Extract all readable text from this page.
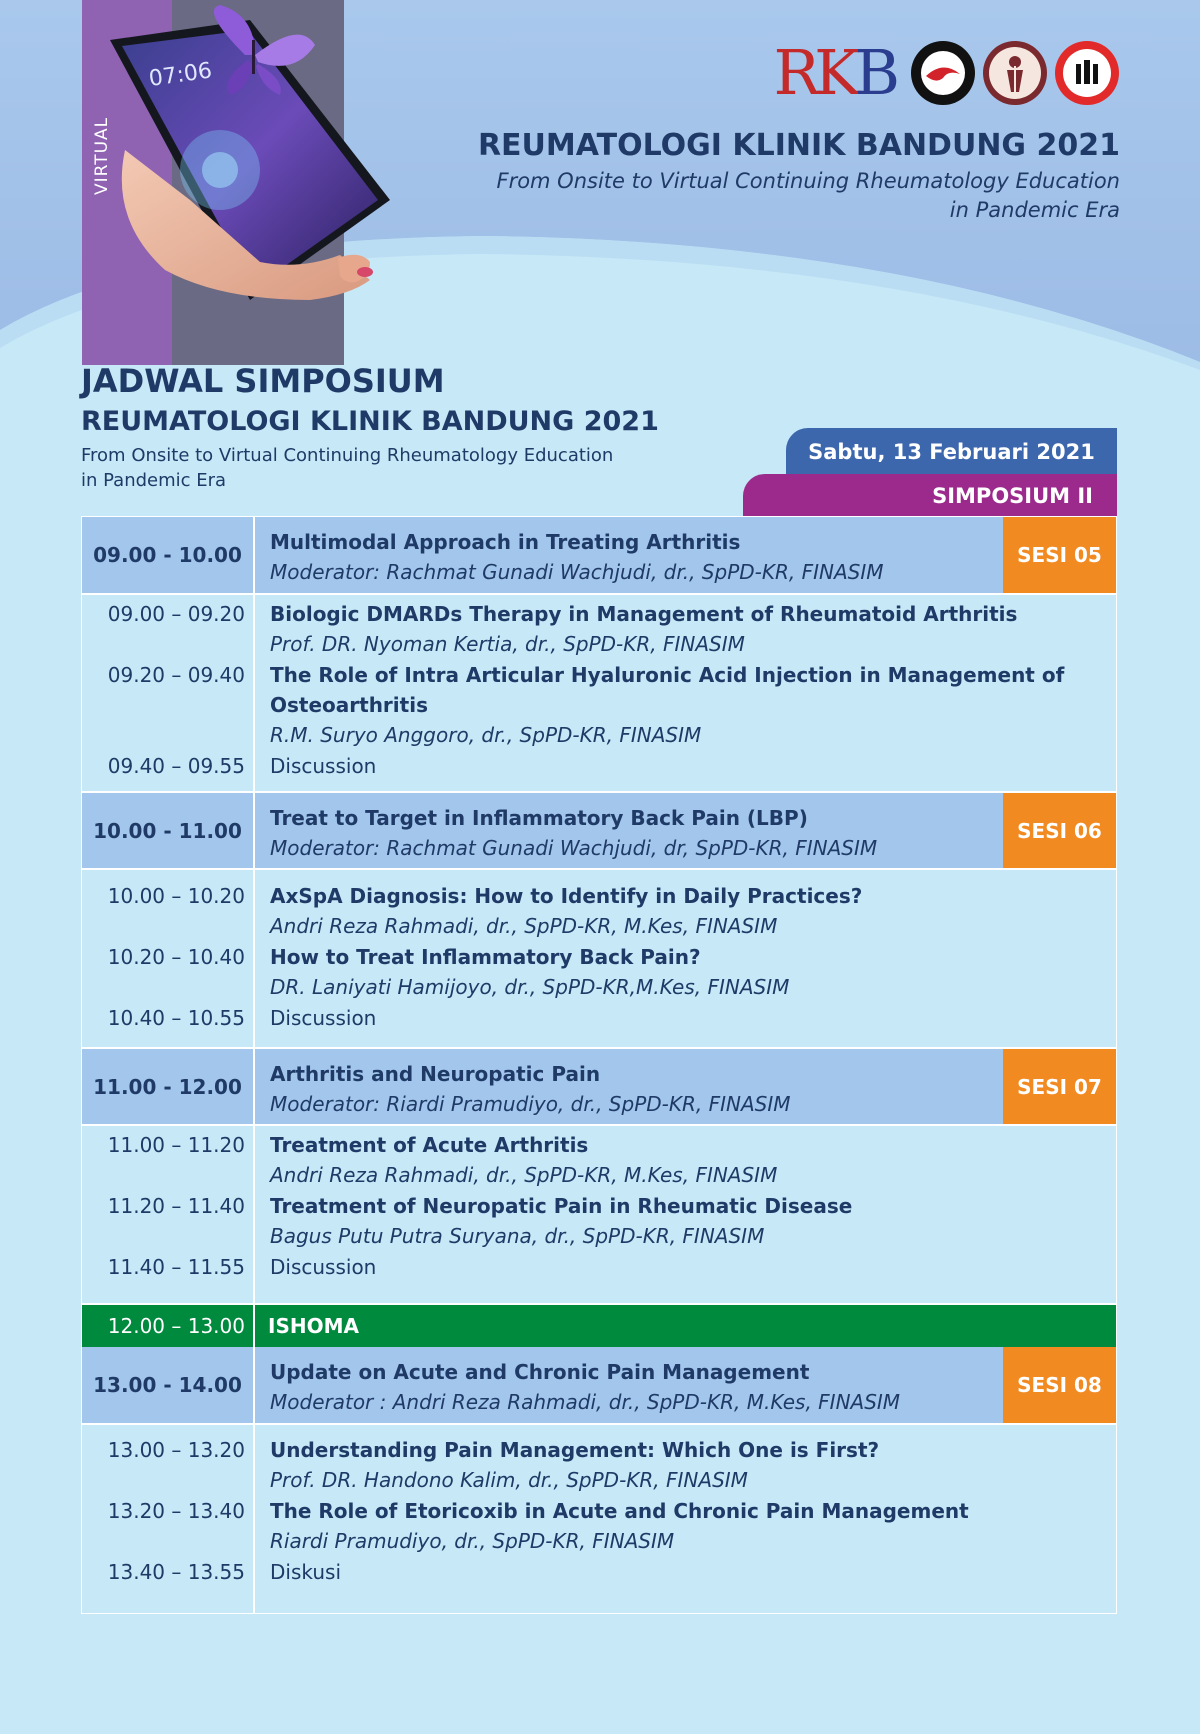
VIRTUAL
07:06	RKB
REUMATOLOGI KLINIK BANDUNG 2021
From Onsite to Virtual Continuing Rheumatology Education
in Pandemic Era
JADWAL SIMPOSIUM
REUMATOLOGI KLINIK BANDUNG 2021
From Onsite to Virtual Continuing Rheumatology Education
in Pandemic Era
Sabtu, 13 Februari 2021
SIMPOSIUM II
09.00 - 10.00
Multimodal Approach in Treating Arthritis
Moderator: Rachmat Gunadi Wachjudi, dr., SpPD-KR, FINASIM
SESI 05
09.00 – 09.20 Biologic DMARDs Therapy in Management of Rheumatoid Arthritis
Prof. DR. Nyoman Kertia, dr., SpPD-KR, FINASIM
09.20 – 09.40 The Role of Intra Articular Hyaluronic Acid Injection in Management of
Osteoarthritis
R.M. Suryo Anggoro, dr., SpPD-KR, FINASIM
09.40 – 09.55 Discussion
10.00 - 11.00
Treat to Target in Inflammatory Back Pain (LBP)
Moderator: Rachmat Gunadi Wachjudi, dr, SpPD-KR, FINASIM
SESI 06
10.00 – 10.20 AxSpA Diagnosis: How to Identify in Daily Practices?
Andri Reza Rahmadi, dr., SpPD-KR, M.Kes, FINASIM
10.20 – 10.40 How to Treat Inflammatory Back Pain?
DR. Laniyati Hamijoyo, dr., SpPD-KR,M.Kes, FINASIM
10.40 – 10.55 Discussion
11.00 - 12.00
Arthritis and Neuropatic Pain
Moderator: Riardi Pramudiyo, dr., SpPD-KR, FINASIM
SESI 07
11.00 – 11.20 Treatment of Acute Arthritis
Andri Reza Rahmadi, dr., SpPD-KR, M.Kes, FINASIM
11.20 – 11.40 Treatment of Neuropatic Pain in Rheumatic Disease
Bagus Putu Putra Suryana, dr., SpPD-KR, FINASIM
11.40 – 11.55 Discussion
12.00 – 13.00 ISHOMA
13.00 - 14.00
Update on Acute and Chronic Pain Management
Moderator : Andri Reza Rahmadi, dr., SpPD-KR, M.Kes, FINASIM
SESI 08
13.00 – 13.20 Understanding Pain Management: Which One is First?
Prof. DR. Handono Kalim, dr., SpPD-KR, FINASIM
13.20 – 13.40 The Role of Etoricoxib in Acute and Chronic Pain Management
Riardi Pramudiyo, dr., SpPD-KR, FINASIM
13.40 – 13.55 Diskusi
